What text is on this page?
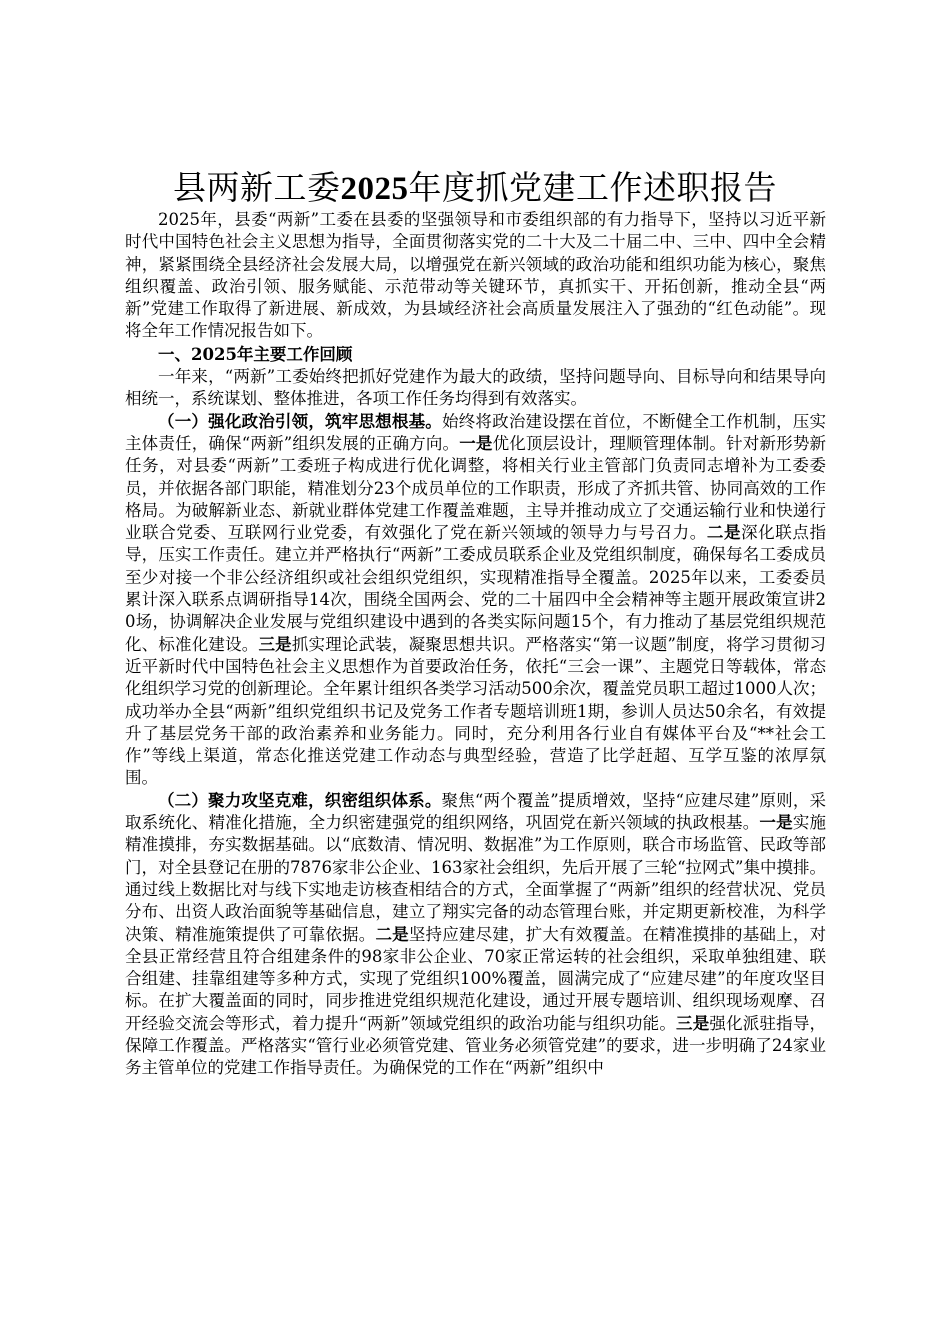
县两新工委2025年度抓党建工作述职报告

2025年，县委“两新”工委在县委的坚强领导和市委组织部的有力指导下，坚持以习近平新时代中国特色社会主义思想为指导，全面贯彻落实党的二十大及二十届二中、三中、四中全会精神，紧紧围绕全县经济社会发展大局，以增强党在新兴领域的政治功能和组织功能为核心，聚焦组织覆盖、政治引领、服务赋能、示范带动等关键环节，真抓实干、开拓创新，推动全县“两新”党建工作取得了新进展、新成效，为县域经济社会高质量发展注入了强劲的“红色动能”。现将全年工作情况报告如下。

一、2025年主要工作回顾

一年来，“两新”工委始终把抓好党建作为最大的政绩，坚持问题导向、目标导向和结果导向相统一，系统谋划、整体推进，各项工作任务均得到有效落实。

（一）强化政治引领，筑牢思想根基。始终将政治建设摆在首位，不断健全工作机制，压实主体责任，确保“两新”组织发展的正确方向。一是优化顶层设计，理顺管理体制。针对新形势新任务，对县委“两新”工委班子构成进行优化调整，将相关行业主管部门负责同志增补为工委委员，并依据各部门职能，精准划分23个成员单位的工作职责，形成了齐抓共管、协同高效的工作格局。为破解新业态、新就业群体党建工作覆盖难题，主导并推动成立了交通运输行业和快递行业联合党委、互联网行业党委，有效强化了党在新兴领域的领导力与号召力。二是深化联点指导，压实工作责任。建立并严格执行“两新”工委成员联系企业及党组织制度，确保每名工委成员至少对接一个非公经济组织或社会组织党组织，实现精准指导全覆盖。2025年以来，工委委员累计深入联系点调研指导14次，围绕全国两会、党的二十届四中全会精神等主题开展政策宣讲20场，协调解决企业发展与党组织建设中遇到的各类实际问题15个，有力推动了基层党组织规范化、标准化建设。三是抓实理论武装，凝聚思想共识。严格落实“第一议题”制度，将学习贯彻习近平新时代中国特色社会主义思想作为首要政治任务，依托“三会一课”、主题党日等载体，常态化组织学习党的创新理论。全年累计组织各类学习活动500余次，覆盖党员职工超过1000人次；成功举办全县“两新”组织党组织书记及党务工作者专题培训班1期，参训人员达50余名，有效提升了基层党务干部的政治素养和业务能力。同时，充分利用各行业自有媒体平台及“**社会工作”等线上渠道，常态化推送党建工作动态与典型经验，营造了比学赶超、互学互鉴的浓厚氛围。

（二）聚力攻坚克难，织密组织体系。聚焦“两个覆盖”提质增效，坚持“应建尽建”原则，采取系统化、精准化措施，全力织密建强党的组织网络，巩固党在新兴领域的执政根基。一是实施精准摸排，夯实数据基础。以“底数清、情况明、数据准”为工作原则，联合市场监管、民政等部门，对全县登记在册的7876家非公企业、163家社会组织，先后开展了三轮“拉网式”集中摸排。通过线上数据比对与线下实地走访核查相结合的方式，全面掌握了“两新”组织的经营状况、党员分布、出资人政治面貌等基础信息，建立了翔实完备的动态管理台账，并定期更新校准，为科学决策、精准施策提供了可靠依据。二是坚持应建尽建，扩大有效覆盖。在精准摸排的基础上，对全县正常经营且符合组建条件的98家非公企业、70家正常运转的社会组织，采取单独组建、联合组建、挂靠组建等多种方式，实现了党组织100%覆盖，圆满完成了“应建尽建”的年度攻坚目标。在扩大覆盖面的同时，同步推进党组织规范化建设，通过开展专题培训、组织现场观摩、召开经验交流会等形式，着力提升“两新”领域党组织的政治功能与组织功能。三是强化派驻指导，保障工作覆盖。严格落实“管行业必须管党建、管业务必须管党建”的要求，进一步明确了24家业务主管单位的党建工作指导责任。为确保党的工作在“两新”组织中
